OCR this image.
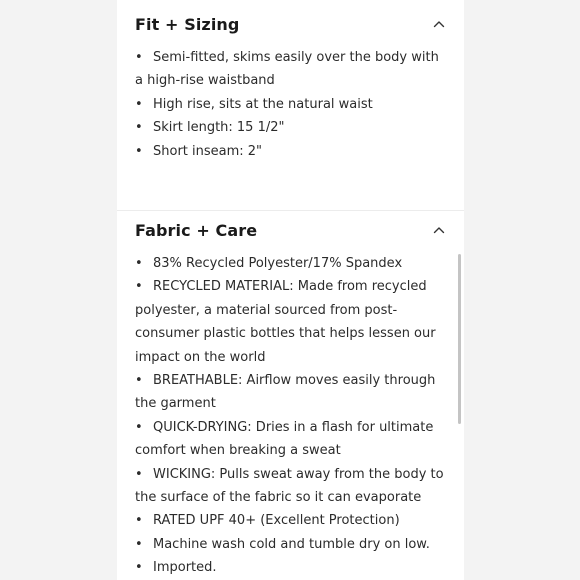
Fit + Sizing
• Semi-fitted, skims easily over the body with a high-rise waistband
• High rise, sits at the natural waist
• Skirt length: 15 1/2"
• Short inseam: 2"
Fabric + Care
• 83% Recycled Polyester/17% Spandex
• RECYCLED MATERIAL: Made from recycled polyester, a material sourced from post-consumer plastic bottles that helps lessen our impact on the world
• BREATHABLE: Airflow moves easily through the garment
• QUICK-DRYING: Dries in a flash for ultimate comfort when breaking a sweat
• WICKING: Pulls sweat away from the body to the surface of the fabric so it can evaporate
• RATED UPF 40+ (Excellent Protection)
• Machine wash cold and tumble dry on low.
• Imported.
